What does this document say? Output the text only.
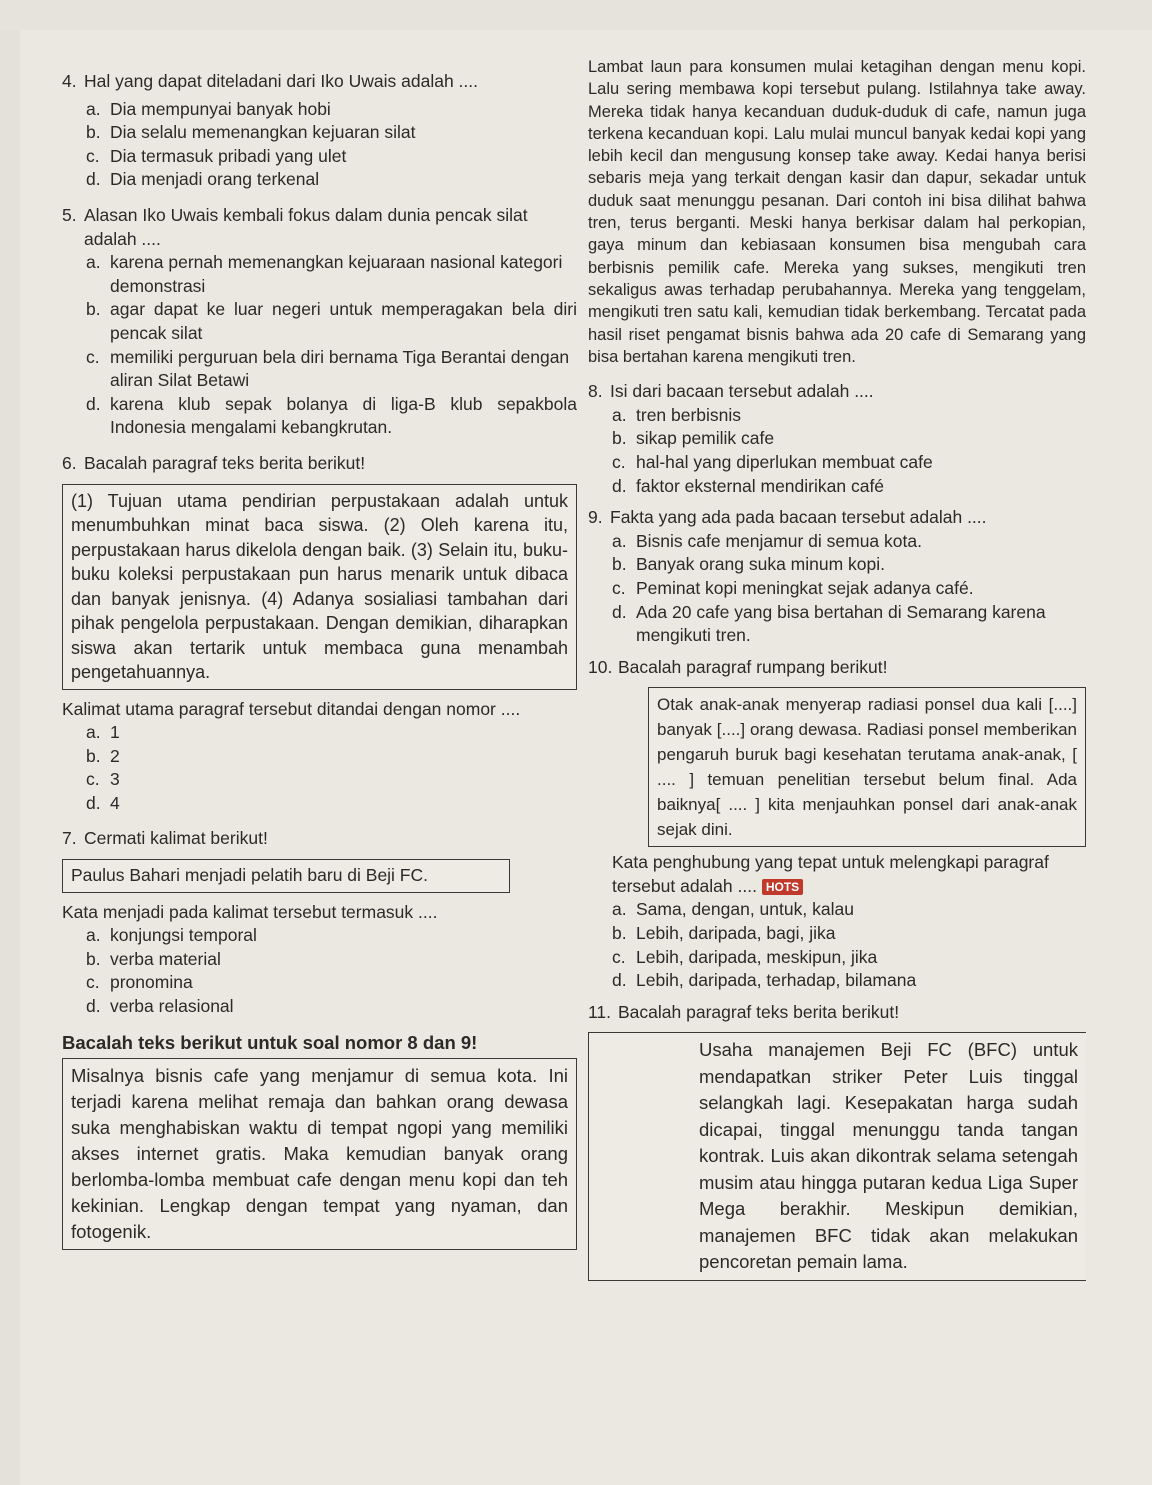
4. Hal yang dapat diteladani dari Iko Uwais adalah ....
a. Dia mempunyai banyak hobi
b. Dia selalu memenangkan kejuaran silat
c. Dia termasuk pribadi yang ulet
d. Dia menjadi orang terkenal
5. Alasan Iko Uwais kembali fokus dalam dunia pencak silat adalah ....
a. karena pernah memenangkan kejuaraan nasional kategori demonstrasi
b. agar dapat ke luar negeri untuk memperagakan bela diri pencak silat
c. memiliki perguruan bela diri bernama Tiga Berantai dengan aliran Silat Betawi
d. karena klub sepak bolanya di liga-B klub sepakbola Indonesia mengalami kebangkrutan.
6. Bacalah paragraf teks berita berikut!
(1) Tujuan utama pendirian perpustakaan adalah untuk menumbuhkan minat baca siswa. (2) Oleh karena itu, perpustakaan harus dikelola dengan baik. (3) Selain itu, buku-buku koleksi perpustakaan pun harus menarik untuk dibaca dan banyak jenisnya. (4) Adanya sosialiasi tambahan dari pihak pengelola perpustakaan. Dengan demikian, diharapkan siswa akan tertarik untuk membaca guna menambah pengetahuannya.

Kalimat utama paragraf tersebut ditandai dengan nomor ....

a. 1
b. 2
c. 3
d. 4
7. Cermati kalimat berikut!
Paulus Bahari menjadi pelatih baru di Beji FC.

Kata menjadi pada kalimat tersebut termasuk ....

a. konjungsi temporal
b. verba material
c. pronomina
d. verba relasional

Bacalah teks berikut untuk soal nomor 8 dan 9!

Misalnya bisnis cafe yang menjamur di semua kota. Ini terjadi karena melihat remaja dan bahkan orang dewasa suka menghabiskan waktu di tempat ngopi yang memiliki akses internet gratis. Maka kemudian banyak orang berlomba-lomba membuat cafe dengan menu kopi dan teh kekinian. Lengkap dengan tempat yang nyaman, dan fotogenik.

Lambat laun para konsumen mulai ketagihan dengan menu kopi. Lalu sering membawa kopi tersebut pulang. Istilahnya take away. Mereka tidak hanya kecanduan duduk-duduk di cafe, namun juga terkena kecanduan kopi. Lalu mulai muncul banyak kedai kopi yang lebih kecil dan mengusung konsep take away. Kedai hanya berisi sebaris meja yang terkait dengan kasir dan dapur, sekadar untuk duduk saat menunggu pesanan. Dari contoh ini bisa dilihat bahwa tren, terus berganti. Meski hanya berkisar dalam hal perkopian, gaya minum dan kebiasaan konsumen bisa mengubah cara berbisnis pemilik cafe. Mereka yang sukses, mengikuti tren sekaligus awas terhadap perubahannya. Mereka yang tenggelam, mengikuti tren satu kali, kemudian tidak berkembang. Tercatat pada hasil riset pengamat bisnis bahwa ada 20 cafe di Semarang yang bisa bertahan karena mengikuti tren.

8. Isi dari bacaan tersebut adalah ....
a. tren berbisnis
b. sikap pemilik cafe
c. hal-hal yang diperlukan membuat cafe
d. faktor eksternal mendirikan café
9. Fakta yang ada pada bacaan tersebut adalah ....
a. Bisnis cafe menjamur di semua kota.
b. Banyak orang suka minum kopi.
c. Peminat kopi meningkat sejak adanya café.
d. Ada 20 cafe yang bisa bertahan di Semarang karena mengikuti tren.
10. Bacalah paragraf rumpang berikut!
Otak anak-anak menyerap radiasi ponsel dua kali [....] banyak [....] orang dewasa. Radiasi ponsel memberikan pengaruh buruk bagi kesehatan terutama anak-anak, [ .... ] temuan penelitian tersebut belum final. Ada baiknya[ .... ] kita menjauhkan ponsel dari anak-anak sejak dini.

Kata penghubung yang tepat untuk melengkapi paragraf tersebut adalah .... HOTS

a. Sama, dengan, untuk, kalau
b. Lebih, daripada, bagi, jika
c. Lebih, daripada, meskipun, jika
d. Lebih, daripada, terhadap, bilamana
11. Bacalah paragraf teks berita berikut!
Usaha manajemen Beji FC (BFC) untuk mendapatkan striker Peter Luis tinggal selangkah lagi. Kesepakatan harga sudah dicapai, tinggal menunggu tanda tangan kontrak. Luis akan dikontrak selama setengah musim atau hingga putaran kedua Liga Super Mega berakhir. Meskipun demikian, manajemen BFC tidak akan melakukan pencoretan pemain lama.
